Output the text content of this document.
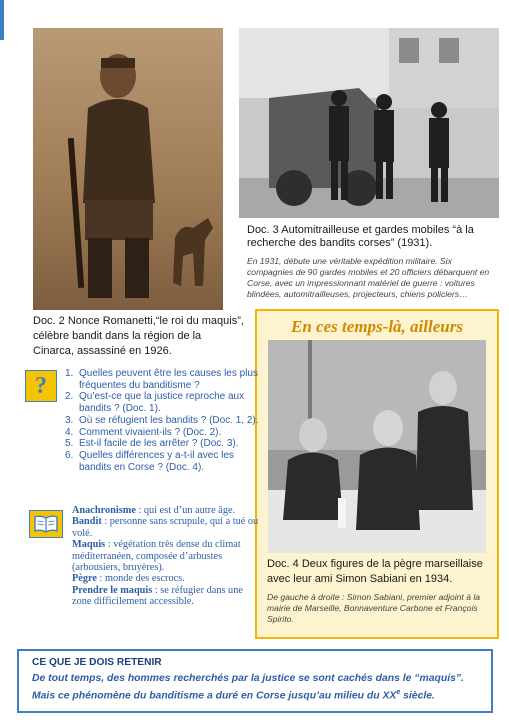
Doc. 3 Automitrailleuse et gardes mobiles “à la recherche des bandits corses” (1931).
En 1931, débute une véritable expédition militaire. Six compagnies de 90 gardes mobiles et 20 officiers débarquent en Corse, avec un impressionnant matériel de guerre : voitures blindées, automitrailleuses, projecteurs, chiens policiers…
Doc. 2 Nonce Romanetti,“le roi du maquis”, célèbre bandit dans la région de la Cinarca, assassiné en 1926.
En ces temps-là, ailleurs
Doc. 4 Deux figures de la pègre marseillaise avec leur ami Simon Sabiani en 1934.
De gauche à droite : Simon Sabiani, premier adjoint à la mairie de Marseille, Bonnaventure Carbone et François Spirito.
? 1. Quelles peuvent être les causes les plus fréquentes du banditisme ?
2. Qu’est-ce que la justice reproche aux bandits ? (Doc. 1).
3. Où se réfugient les bandits ? (Doc. 1, 2).
4. Comment vivaient-ils ? (Doc. 2).
5. Est-il facile de les arrêter ? (Doc. 3).
6. Quelles différences y a-t-il avec les bandits en Corse ? (Doc. 4).

Anachronisme : qui est d’un autre âge.

Bandit : personne sans scrupule, qui a tué ou volé.

Maquis : végétation très dense du climat méditerranéen, composée d’arbustes (arbousiers, bruyères).

Pègre : monde des escrocs.

Prendre le maquis : se réfugier dans une zone difficilement accessible.

CE QUE JE DOIS RETENIR
De tout temps, des hommes recherchés par la justice se sont cachés dans le “maquis”. Mais ce phénomène du banditisme a duré en Corse jusqu’au milieu du XXe siècle.
